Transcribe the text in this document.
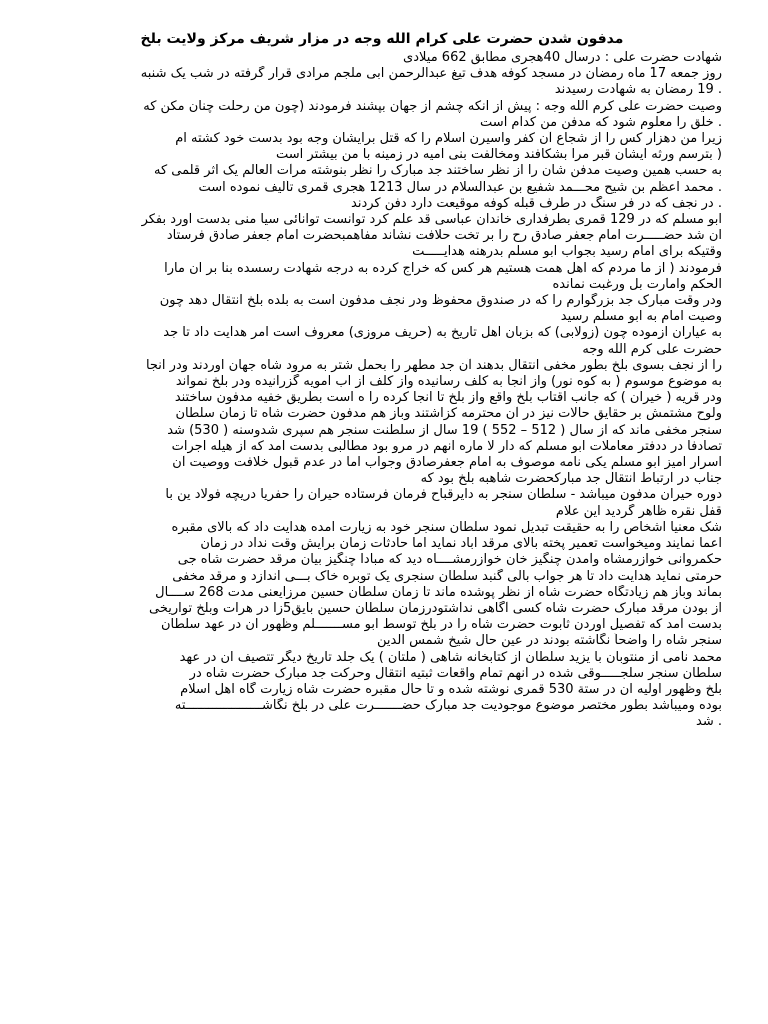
مدفون شدن حضرت علی کرام الله وجه در مزار شریف مرکز ولایت بلخ
شهادت حضرت علی : درسال 40هجری مطابق 662 میلادی
روز جمعه 17 ماه رمضان در مسجد کوفه هدف تیغ عبدالرحمن ابی ملجم مرادی قرار گرفته در شب یک شنبه
. 19 رمضان به شهادت رسیدند
وصیت حضرت علی کرم الله وجه : پیش از انکه چشم از جهان بپشند فرمودند (چون من رحلت چنان مکن که
. خلق را معلوم شود که مدفن من کدام است
زیرا من دهزار کس را از شجاع آن کفر واسیرن اسلام را که قتل برایشان وجه بود بدست خود کشته ام
( بترسم ورثه ایشان قبر مرا بشکافند ومخالفت بنی امیه در زمینه با من بیشتر است
به حسب همین وصیت مدفن شان را از نظر ساختند جد مبارک را نظر بنوشته مرآت العالم یک اثر قلمی که
. محمد اعظم بن شیح محـــمد شفیع بن عبدالسلام در سال 1213 هجری قمری تألیف نموده است
. در نجف که در فر سنگ در طرف قبله کوفه موقیعت دارد دفن کردند
ابو مسلم که در 129 قمری بطرفداری خاندان عباسی قد علم کرد توانست توانائی سیا منی بدست اورد بفکر
ان شد حضـــــرت امام جعفر صادق رح را بر تخت حلافت نشاند مفاهمبحضرت امام جعفر صادق فرستاد
وقتیکه برای امام رسید بجواب ابو مسلم بدرهنه هدایـــــت
فرمودند ( از ما مردم که اهل همت هستیم هر کس که خراج کرده به درجه شهادت رسسده بنا بر ان مارا
الحکم وامارت بل ورغبت نمانده
ودر وقت مبارک جد بزرگوارم را که در صندوق محفوظ ودر نجف مدفون است به بلده بلخ انتقال دهد چون
وصیت امام به ابو مسلم رسید
به عیاران ازموده چون (زولابی) که بزبان اهل تاریخ به (حریف مروزی) معروف است امر هدایت داد تا جد
حضرت علی کرم الله وجه
را از نجف بسوی بلخ بطور مخفی انتقال بدهند آن جد مطهر را بحمل شتر به مرود شاه جهان اوردند ودر انجا
به موضوع موسوم ( به کوه نور) واز انجا به کلف رسانیده واز کلف از اب امویه گزرانیده ودر بلخ نمواند
ودر قریه ( خیران ) که جانب اقتاب بلخ واقع واز بلخ تا انجا کرده را ه است بطریق خفیه مدفون ساختند
ولوح مشتمش بر حقایق حالات نیز در آن محترمه کزاشتند وباز هم مدفون حضرت شاه تا زمان سلطان
سنجر مخفی ماند که از سال ( 512 – 552 ) 19 سال از سلطنت سنجر هم سپری شدوسنه ( 530) شد
تصادفا در ددفتر معاملات ابو مسلم که دار لا ماره انهم در مرو بود مطالبی بدست امد که از هیله اجرات
اسرار امیز ابو مسلم یکی نامه موصوف به امام جعفرصادق وجواب اما در عدم قبول خلافت ووصیت آن
جناب در ارتباط انتقال جد مبارکحضرت شاهبه بلخ بود که
دوره حیران مدفون میباشد - سلطان سنجر به دایرقباح فرمان فرستاده حیران را حفریا دریچه فولاد ین با
قفل نقره ظاهر گردید این علام
شک معنیا اشخاص را به حقیقت تبدیل نمود سلطان سنجر خود به زیارت امده هدایت داد که بالای مقبره
اعما نمایند ومیخواست تعمیر پخته بالای مرقد اباد نماید اما حادثات زمان برایش وقت نداد در زمان
حکمروانی خوازرمشاه وامدن چنگیز خان خوازرمشــــاه دید که مبادا چنگیز بیان مرقد حضرت شاه جی
حرمتی نماید هدایت داد تا هر جواب بالی گنبد سلطان سنجری یک توبره خاک بـــی اندازد و مرقد مخفی
بماند وباز هم زیادتگاه حضرت شاه از نظر پوشده ماند تا زمان سلطان حسین مرزایعنی مدت 268 ســــال
از بودن مرقد مبارک حضرت شاه کسی آگاهی نداشتودرزمان سلطان حسین بایق5زا در هرات وبلخ تواریخی
بدست امد که تفصیل اوردن ثابوت حضرت شاه را در بلخ توسط ابو مســـــــلم وظهور ان در عهد سلطان
سنجر شاه را واضحاً نگاشته بودند در عین حال شیخ شمس الدین
محمد نامی از منتوبان با یزید سلطان از کتابخانه شاهی ( ملتان ) یک جلد تاریخ دیگر تتصیف ان در عهد
سلطان سنجر سلجـــــوقی شده در انهم تمام واقعات ثبتیه انتقال وحرکت جد مبارک حضرت شاه در
بلخ وظهور اولیه ان در ستة 530 قمری نوشته شده و تا حال مقبره حضرت شاه زیارت گاه اهل اسلام
بوده ومیباشد بطور مختصر موضوع موجودیت جد مبارک حضـــــــرت علی در بلخ نگاشــــــــــــــــــــته
. شد
